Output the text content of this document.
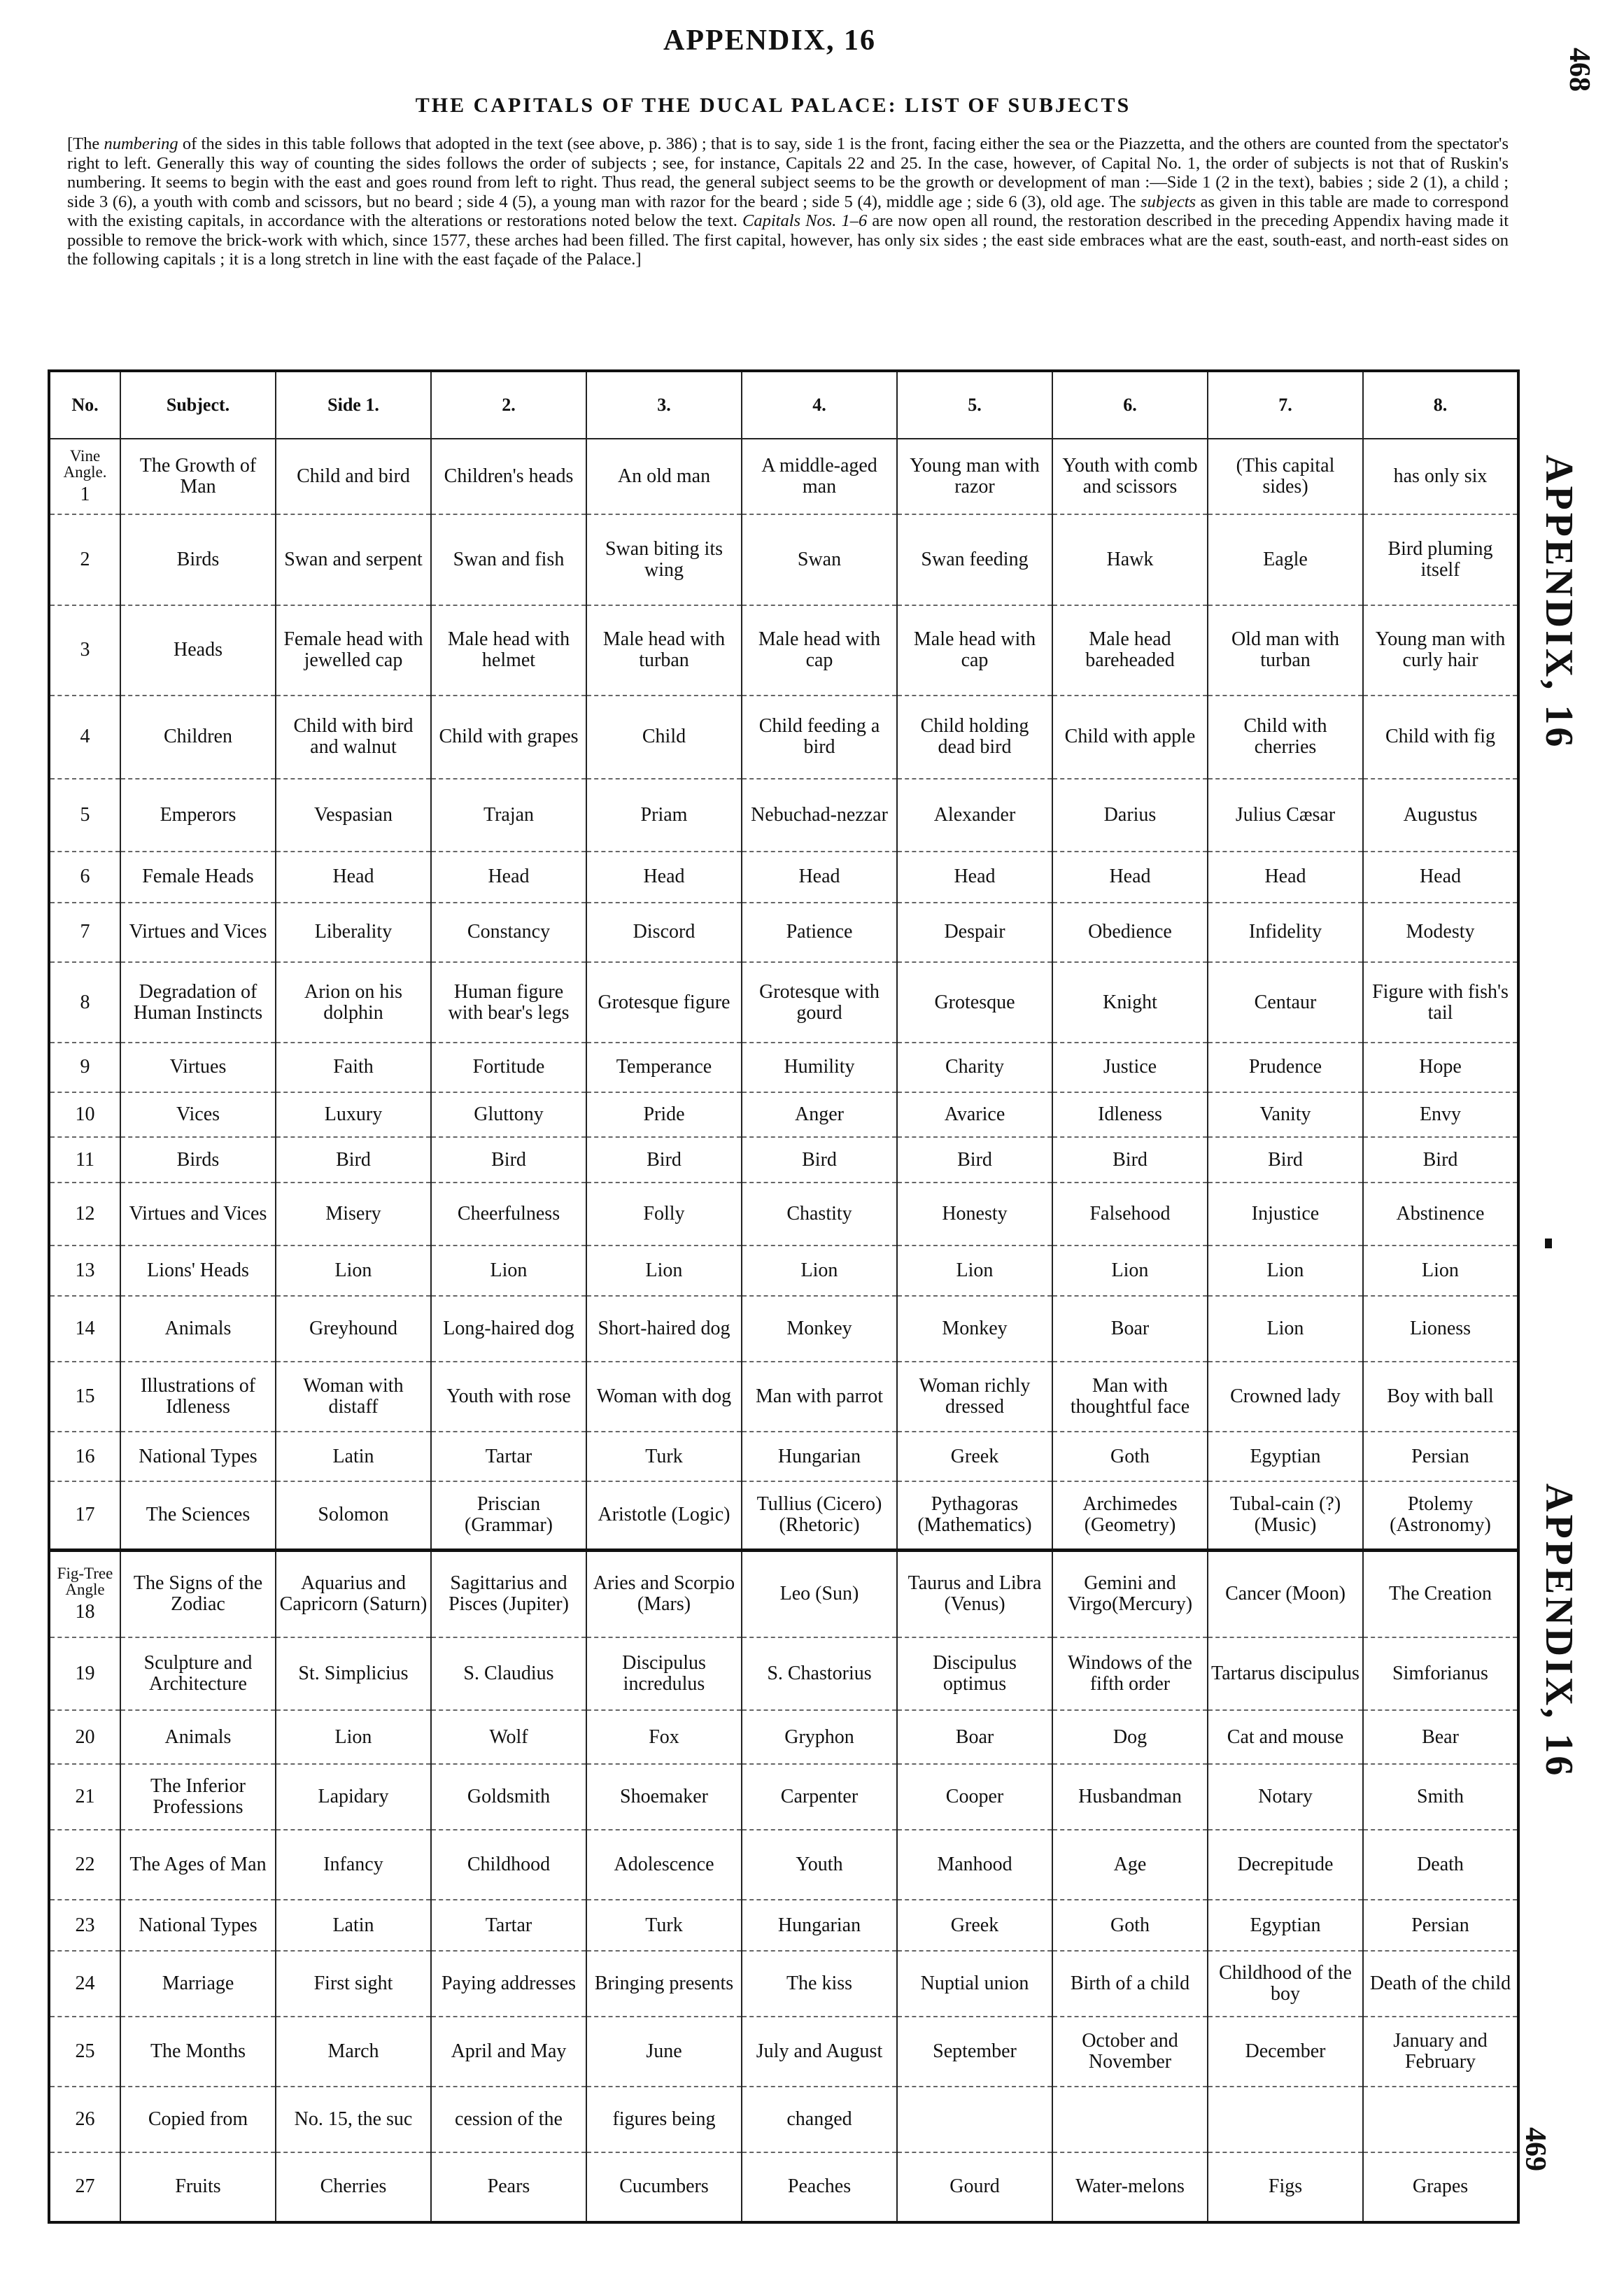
APPENDIX, 16
468
THE CAPITALS OF THE DUCAL PALACE: LIST OF SUBJECTS
[The numbering of the sides in this table follows that adopted in the text (see above, p. 386) ; that is to say, side 1 is the front, facing either the sea or the Piazzetta, and the others are counted from the spectator's right to left. Generally this way of counting the sides follows the order of subjects ; see, for instance, Capitals 22 and 25. In the case, however, of Capital No. 1, the order of subjects is not that of Ruskin's numbering. It seems to begin with the east and goes round from left to right. Thus read, the general subject seems to be the growth or development of man :—Side 1 (2 in the text), babies ; side 2 (1), a child ; side 3 (6), a youth with comb and scissors, but no beard ; side 4 (5), a young man with razor for the beard ; side 5 (4), middle age ; side 6 (3), old age. The subjects as given in this table are made to correspond with the existing capitals, in accordance with the alterations or restorations noted below the text. Capitals Nos. 1–6 are now open all round, the restoration described in the preceding Appendix having made it possible to remove the brick-work with which, since 1577, these arches had been filled. The first capital, however, has only six sides ; the east side embraces what are the east, south-east, and north-east sides on the following capitals ; it is a long stretch in line with the east façade of the Palace.]
APPENDIX, 16
APPENDIX, 16
469
No.	Subject.	Side 1.	2.	3.	4.	5.	6.	7.	8.

Vine Angle.
1	The Growth of Man	Child and bird	Children's heads	An old man	A middle-aged man	Young man with razor	Youth with comb and scissors	(This capital sides)	has only six
2	Birds	Swan and serpent	Swan and fish	Swan biting its wing	Swan	Swan feeding	Hawk	Eagle	Bird pluming itself
3	Heads	Female head with jewelled cap	Male head with helmet	Male head with turban	Male head with cap	Male head with cap	Male head bareheaded	Old man with turban	Young man with curly hair
4	Children	Child with bird and walnut	Child with grapes	Child	Child feeding a bird	Child holding dead bird	Child with apple	Child with cherries	Child with fig
5	Emperors	Vespasian	Trajan	Priam	Nebuchad-nezzar	Alexander	Darius	Julius Cæsar	Augustus
6	Female Heads	Head	Head	Head	Head	Head	Head	Head	Head
7	Virtues and Vices	Liberality	Constancy	Discord	Patience	Despair	Obedience	Infidelity	Modesty
8	Degradation of Human Instincts	Arion on his dolphin	Human figure with bear's legs	Grotesque figure	Grotesque with gourd	Grotesque	Knight	Centaur	Figure with fish's tail
9	Virtues	Faith	Fortitude	Temperance	Humility	Charity	Justice	Prudence	Hope
10	Vices	Luxury	Gluttony	Pride	Anger	Avarice	Idleness	Vanity	Envy
11	Birds	Bird	Bird	Bird	Bird	Bird	Bird	Bird	Bird
12	Virtues and Vices	Misery	Cheerfulness	Folly	Chastity	Honesty	Falsehood	Injustice	Abstinence
13	Lions' Heads	Lion	Lion	Lion	Lion	Lion	Lion	Lion	Lion
14	Animals	Greyhound	Long-haired dog	Short-haired dog	Monkey	Monkey	Boar	Lion	Lioness
15	Illustrations of Idleness	Woman with distaff	Youth with rose	Woman with dog	Man with parrot	Woman richly dressed	Man with thoughtful face	Crowned lady	Boy with ball
16	National Types	Latin	Tartar	Turk	Hungarian	Greek	Goth	Egyptian	Persian
17	The Sciences	Solomon	Priscian (Grammar)	Aristotle (Logic)	Tullius (Cicero) (Rhetoric)	Pythagoras (Mathematics)	Archimedes (Geometry)	Tubal-cain (?) (Music)	Ptolemy (Astronomy)

Fig-Tree Angle
18	The Signs of the Zodiac	Aquarius and Capricorn (Saturn)	Sagittarius and Pisces (Jupiter)	Aries and Scorpio (Mars)	Leo (Sun)	Taurus and Libra (Venus)	Gemini and Virgo(Mercury)	Cancer (Moon)	The Creation
19	Sculpture and Architecture	St. Simplicius	S. Claudius	Discipulus incredulus	S. Chastorius	Discipulus optimus	Windows of the fifth order	Tartarus discipulus	Simforianus
20	Animals	Lion	Wolf	Fox	Gryphon	Boar	Dog	Cat and mouse	Bear
21	The Inferior Professions	Lapidary	Goldsmith	Shoemaker	Carpenter	Cooper	Husbandman	Notary	Smith
22	The Ages of Man	Infancy	Childhood	Adolescence	Youth	Manhood	Age	Decrepitude	Death
23	National Types	Latin	Tartar	Turk	Hungarian	Greek	Goth	Egyptian	Persian
24	Marriage	First sight	Paying addresses	Bringing presents	The kiss	Nuptial union	Birth of a child	Childhood of the boy	Death of the child
25	The Months	March	April and May	June	July and August	September	October and November	December	January and February
26	Copied from	No. 15, the suc	cession of the	figures being	changed				
27	Fruits	Cherries	Pears	Cucumbers	Peaches	Gourd	Water-melons	Figs	Grapes
